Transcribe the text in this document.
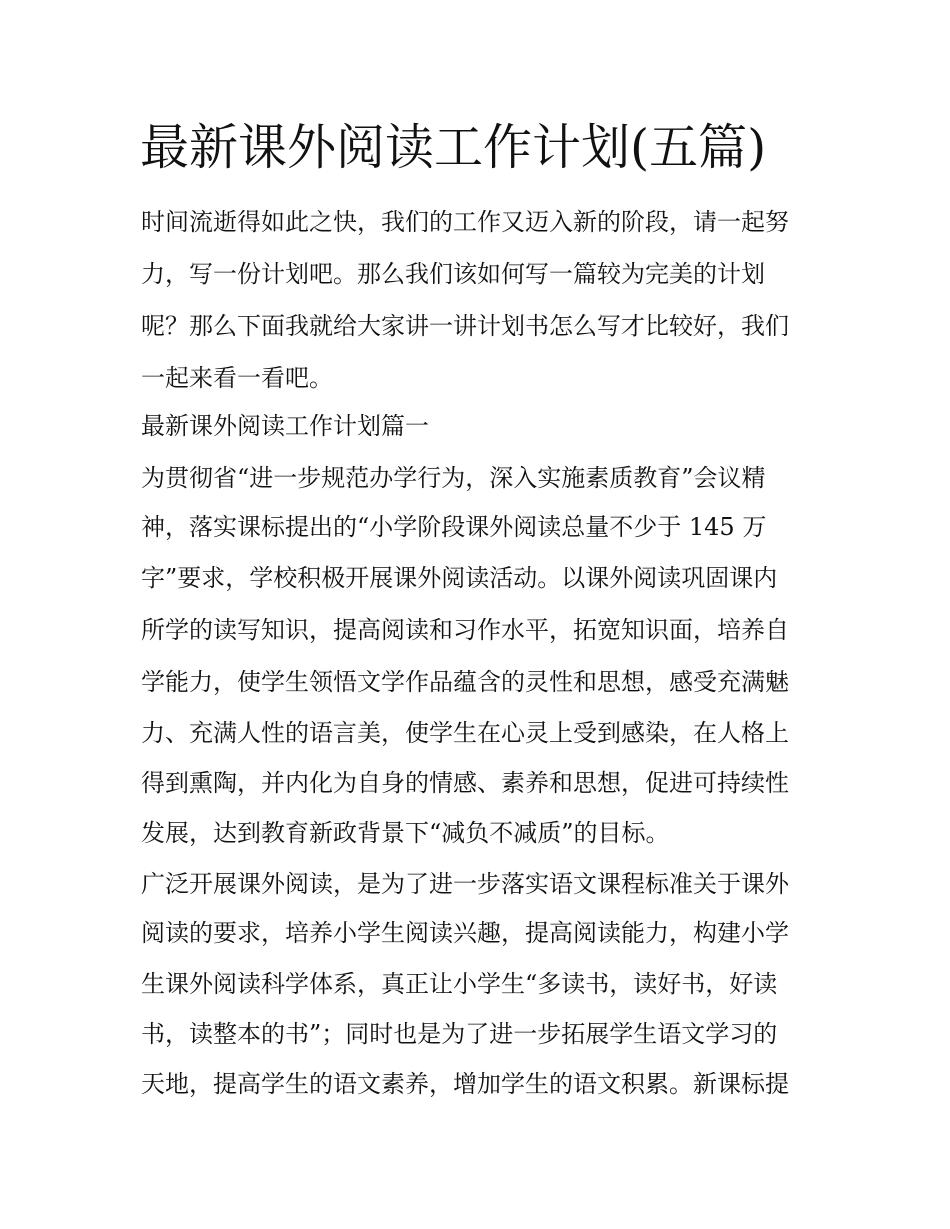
最新课外阅读工作计划(五篇)
时间流逝得如此之快，我们的工作又迈入新的阶段，请一起努
力，写一份计划吧。那么我们该如何写一篇较为完美的计划
呢？那么下面我就给大家讲一讲计划书怎么写才比较好，我们
一起来看一看吧。
最新课外阅读工作计划篇一
为贯彻省“进一步规范办学行为，深入实施素质教育”会议精
神，落实课标提出的“小学阶段课外阅读总量不少于 145 万
字”要求，学校积极开展课外阅读活动。以课外阅读巩固课内
所学的读写知识，提高阅读和习作水平，拓宽知识面，培养自
学能力，使学生领悟文学作品蕴含的灵性和思想，感受充满魅
力、充满人性的语言美，使学生在心灵上受到感染，在人格上
得到熏陶，并内化为自身的情感、素养和思想，促进可持续性
发展，达到教育新政背景下“减负不减质”的目标。
广泛开展课外阅读，是为了进一步落实语文课程标准关于课外
阅读的要求，培养小学生阅读兴趣，提高阅读能力，构建小学
生课外阅读科学体系，真正让小学生“多读书，读好书，好读
书，读整本的书”；同时也是为了进一步拓展学生语文学习的
天地，提高学生的语文素养，增加学生的语文积累。新课标提
